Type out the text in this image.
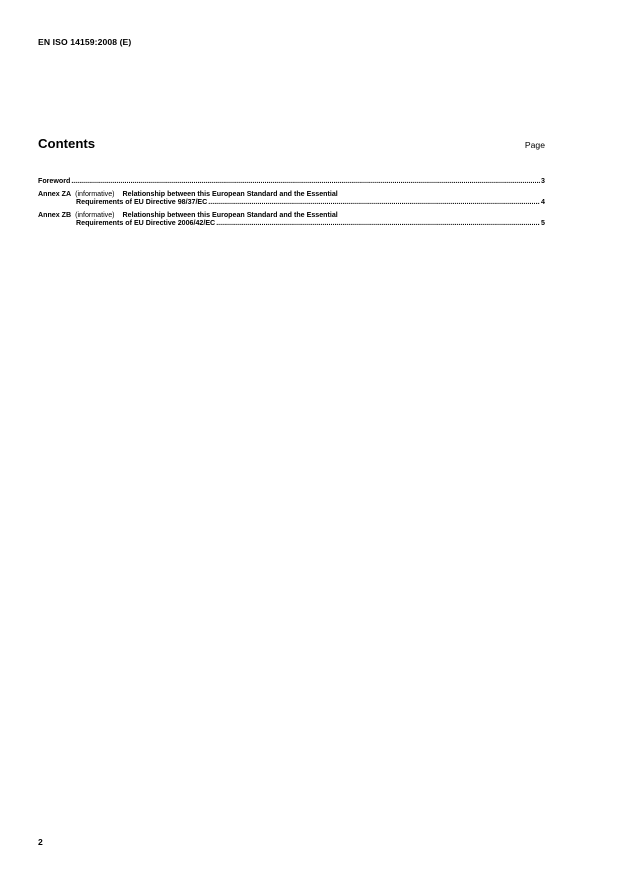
EN ISO 14159:2008 (E)
Contents	Page
Foreword .....	3
Annex ZA (informative) Relationship between this European Standard and the Essential
Requirements of EU Directive 98/37/EC .....	4
Annex ZB (informative) Relationship between this European Standard and the Essential
Requirements of EU Directive 2006/42/EC .....	5
2
